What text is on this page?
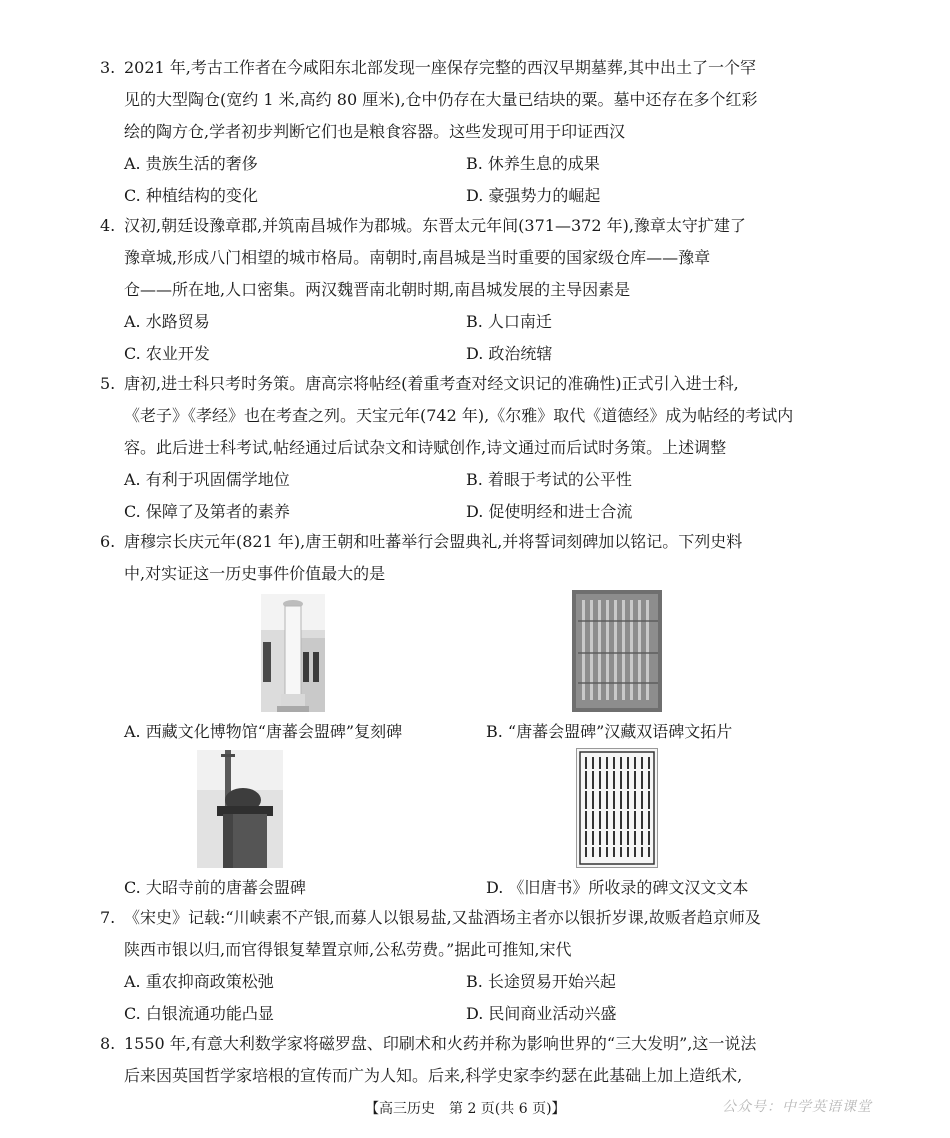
3. 2021 年,考古工作者在今咸阳东北部发现一座保存完整的西汉早期墓葬,其中出土了一个罕

见的大型陶仓(宽约 1 米,高约 80 厘米),仓中仍存在大量已结块的粟。墓中还存在多个红彩

绘的陶方仓,学者初步判断它们也是粮食容器。这些发现可用于印证西汉

A. 贵族生活的奢侈	B. 休养生息的成果
C. 种植结构的变化	D. 豪强势力的崛起
4. 汉初,朝廷设豫章郡,并筑南昌城作为郡城。东晋太元年间(371—372 年),豫章太守扩建了

豫章城,形成八门相望的城市格局。南朝时,南昌城是当时重要的国家级仓库——豫章

仓——所在地,人口密集。两汉魏晋南北朝时期,南昌城发展的主导因素是

A. 水路贸易	B. 人口南迁
C. 农业开发	D. 政治统辖
5. 唐初,进士科只考时务策。唐高宗将帖经(着重考查对经文识记的准确性)正式引入进士科,

《老子》《孝经》也在考查之列。天宝元年(742 年),《尔雅》取代《道德经》成为帖经的考试内

容。此后进士科考试,帖经通过后试杂文和诗赋创作,诗文通过而后试时务策。上述调整

A. 有利于巩固儒学地位	B. 着眼于考试的公平性
C. 保障了及第者的素养	D. 促使明经和进士合流
6. 唐穆宗长庆元年(821 年),唐王朝和吐蕃举行会盟典礼,并将誓词刻碑加以铭记。下列史料

中,对实证这一历史事件价值最大的是

A. 西藏文化博物馆“唐蕃会盟碑”复刻碑	B. “唐蕃会盟碑”汉藏双语碑文拓片
C. 大昭寺前的唐蕃会盟碑	D. 《旧唐书》所收录的碑文汉文文本
7. 《宋史》记载:“川峡素不产银,而募人以银易盐,又盐酒场主者亦以银折岁课,故贩者趋京师及

陕西市银以归,而官得银复辇置京师,公私劳费。”据此可推知,宋代

A. 重农抑商政策松弛	B. 长途贸易开始兴起
C. 白银流通功能凸显	D. 民间商业活动兴盛
8. 1550 年,有意大利数学家将磁罗盘、印刷术和火药并称为影响世界的“三大发明”,这一说法

后来因英国哲学家培根的宣传而广为人知。后来,科学史家李约瑟在此基础上加上造纸术,

【高三历史　第 2 页(共 6 页)】	公众号：中学英语课堂
